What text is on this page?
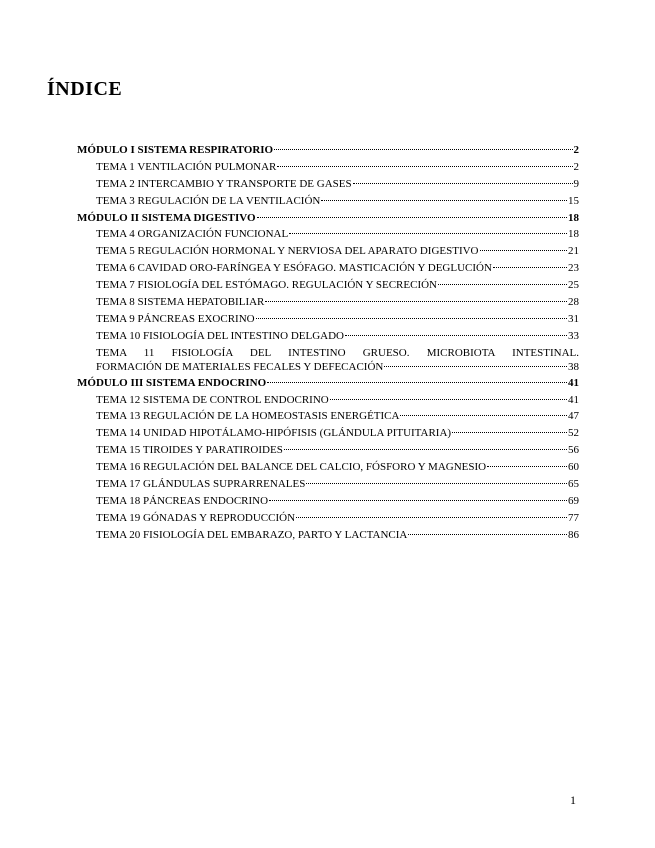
ÍNDICE
MÓDULO I SISTEMA RESPIRATORIO	2
TEMA 1 VENTILACIÓN PULMONAR	2
TEMA 2 INTERCAMBIO Y TRANSPORTE DE GASES	9
TEMA 3 REGULACIÓN DE LA VENTILACIÓN	15
MÓDULO II SISTEMA DIGESTIVO	18
TEMA 4 ORGANIZACIÓN FUNCIONAL	18
TEMA 5 REGULACIÓN HORMONAL Y NERVIOSA DEL APARATO DIGESTIVO	21
TEMA 6 CAVIDAD ORO-FARÍNGEA Y ESÓFAGO. MASTICACIÓN Y DEGLUCIÓN	23
TEMA 7 FISIOLOGÍA DEL ESTÓMAGO. REGULACIÓN Y SECRECIÓN	25
TEMA 8 SISTEMA HEPATOBILIAR	28
TEMA 9 PÁNCREAS EXOCRINO	31
TEMA 10 FISIOLOGÍA DEL INTESTINO DELGADO	33
TEMA 11 FISIOLOGÍA DEL INTESTINO GRUESO. MICROBIOTA INTESTINAL.
FORMACIÓN DE MATERIALES FECALES Y DEFECACIÓN	38
MÓDULO III SISTEMA ENDOCRINO	41
TEMA 12 SISTEMA DE CONTROL ENDOCRINO	41
TEMA 13 REGULACIÓN DE LA HOMEOSTASIS ENERGÉTICA	47
TEMA 14 UNIDAD HIPOTÁLAMO-HIPÓFISIS (GLÁNDULA PITUITARIA)	52
TEMA 15 TIROIDES Y PARATIROIDES	56
TEMA 16 REGULACIÓN DEL BALANCE DEL CALCIO, FÓSFORO Y MAGNESIO	60
TEMA 17 GLÁNDULAS SUPRARRENALES	65
TEMA 18 PÁNCREAS ENDOCRINO	69
TEMA 19 GÓNADAS Y REPRODUCCIÓN	77
TEMA 20 FISIOLOGÍA DEL EMBARAZO, PARTO Y LACTANCIA	86
1
